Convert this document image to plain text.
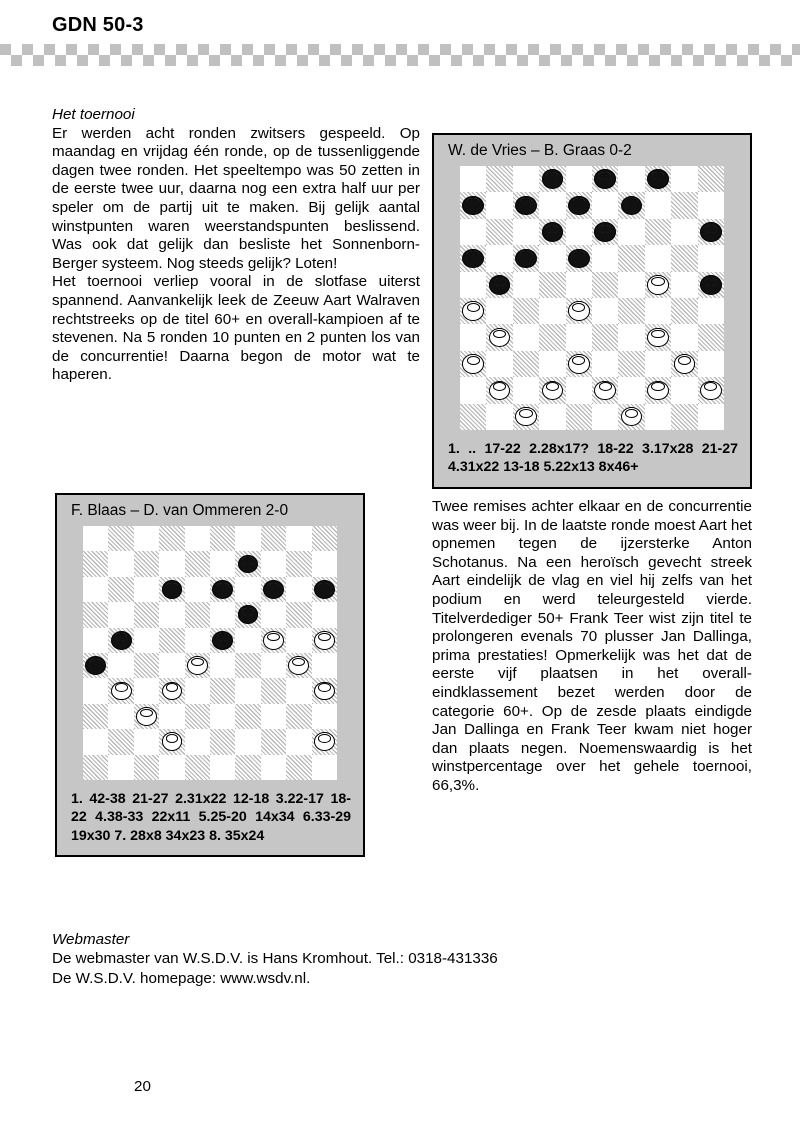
GDN 50-3
Het toernooi

Er werden acht ronden zwitsers gespeeld. Op maandag en vrijdag één ronde, op de tussenliggende dagen twee ronden. Het speeltempo was 50 zetten in de eerste twee uur, daarna nog een extra half uur per speler om de partij uit te maken. Bij gelijk aantal winstpunten waren weerstandspunten beslissend. Was ook dat gelijk dan besliste het Sonnenborn- Berger systeem. Nog steeds gelijk? Loten!

Het toernooi verliep vooral in de slotfase uiterst spannend. Aanvankelijk leek de Zeeuw Aart Walraven rechtstreeks op de titel 60+ en overall-kampioen af te stevenen. Na 5 ronden 10 punten en 2 punten los van de concurrentie! Daarna begon de motor wat te haperen.

W. de Vries – B. Graas 0-2
1. .. 17-22 2.28x17? 18-22 3.17x28 21-27 4.31x22 13-18 5.22x13 8x46+
F. Blaas – D. van Ommeren 2-0
1. 42-38 21-27 2.31x22 12-18 3.22-17 18-22 4.38-33 22x11 5.25-20 14x34 6.33-29 19x30 7. 28x8 34x23 8. 35x24

Twee remises achter elkaar en de concurrentie was weer bij. In de laatste ronde moest Aart het opnemen tegen de ijzersterke Anton Schotanus. Na een heroïsch gevecht streek Aart eindelijk de vlag en viel hij zelfs van het podium en werd teleurgesteld vierde. Titelverdediger 50+ Frank Teer wist zijn titel te prolongeren evenals 70 plusser Jan Dallinga, prima prestaties! Opmerkelijk was het dat de eerste vijf plaatsen in het overall-eindklassement bezet werden door de categorie 60+. Op de zesde plaats eindigde Jan Dallinga en Frank Teer kwam niet hoger dan plaats negen. Noemenswaardig is het winstpercentage over het gehele toernooi, 66,3%.

Webmaster

De webmaster van W.S.D.V. is Hans Kromhout. Tel.: 0318-431336

De W.S.D.V. homepage: www.wsdv.nl.

20
